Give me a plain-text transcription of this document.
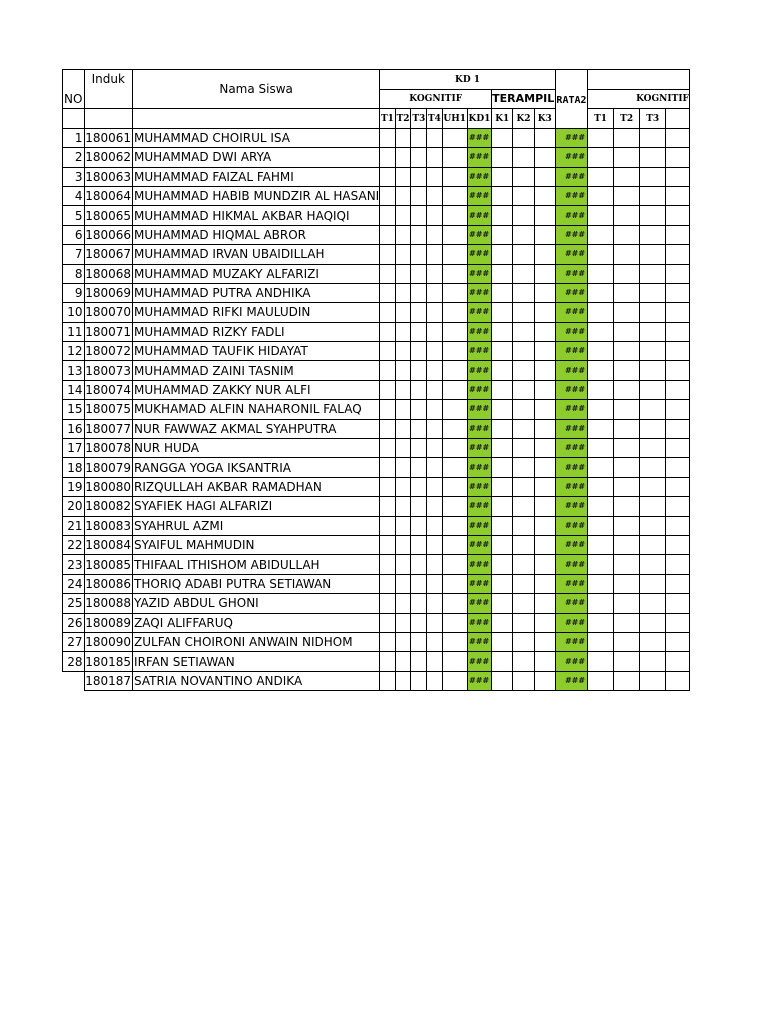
NO	Induk	Nama Siswa	KD 1									RATA2				
			KOGNITIF						TERAMPIL				KOGNITIF			
			T1	T2	T3	T4	UH1	KD1	K1	K2	K3		T1	T2	T3	
1	180061	MUHAMMAD CHOIRUL ISA						###				###				
2	180062	MUHAMMAD DWI ARYA						###				###				
3	180063	MUHAMMAD FAIZAL FAHMI						###				###				
4	180064	MUHAMMAD HABIB MUNDZIR AL HASANI						###				###				
5	180065	MUHAMMAD HIKMAL AKBAR HAQIQI						###				###				
6	180066	MUHAMMAD HIQMAL ABROR						###				###				
7	180067	MUHAMMAD IRVAN UBAIDILLAH						###				###				
8	180068	MUHAMMAD MUZAKY ALFARIZI						###				###				
9	180069	MUHAMMAD PUTRA ANDHIKA						###				###				
10	180070	MUHAMMAD RIFKI MAULUDIN						###				###				
11	180071	MUHAMMAD RIZKY FADLI						###				###				
12	180072	MUHAMMAD TAUFIK HIDAYAT						###				###				
13	180073	MUHAMMAD ZAINI TASNIM						###				###				
14	180074	MUHAMMAD ZAKKY NUR ALFI						###				###				
15	180075	MUKHAMAD ALFIN NAHARONIL FALAQ						###				###				
16	180077	NUR FAWWAZ AKMAL SYAHPUTRA						###				###				
17	180078	NUR HUDA						###				###				
18	180079	RANGGA YOGA IKSANTRIA						###				###				
19	180080	RIZQULLAH AKBAR RAMADHAN						###				###				
20	180082	SYAFIEK HAGI ALFARIZI						###				###				
21	180083	SYAHRUL AZMI						###				###				
22	180084	SYAIFUL MAHMUDIN						###				###				
23	180085	THIFAAL ITHISHOM ABIDULLAH						###				###				
24	180086	THORIQ ADABI PUTRA SETIAWAN						###				###				
25	180088	YAZID ABDUL GHONI						###				###				
26	180089	ZAQI ALIFFARUQ						###				###				
27	180090	ZULFAN CHOIRONI ANWAIN NIDHOM						###				###				
28	180185	IRFAN SETIAWAN						###				###				
	180187	SATRIA NOVANTINO ANDIKA						###				###				
